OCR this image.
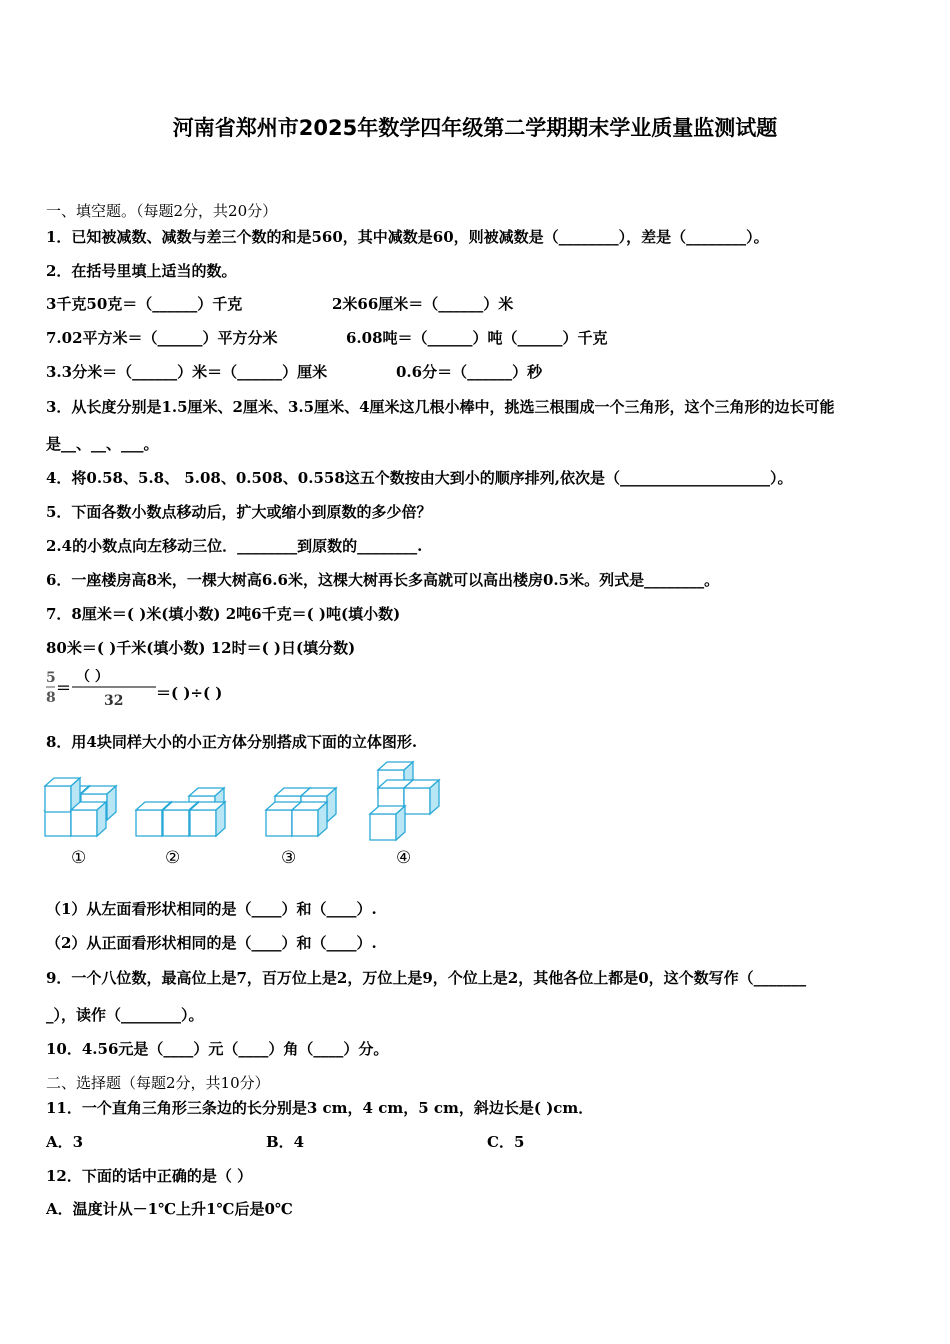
河南省郑州市2025年数学四年级第二学期期末学业质量监测试题
一、填空题。（每题2分，共20分）
1．已知被减数、减数与差三个数的和是560，其中减数是60，则被减数是（________），差是（________）。
2．在括号里填上适当的数。
3千克50克＝（______）千克	2米66厘米＝（______）米
7.02平方米＝（______）平方分米	6.08吨＝（______）吨（______）千克
3.3分米＝（______）米＝（______）厘米	0.6分＝（______）秒
3．从长度分别是1.5厘米、2厘米、3.5厘米、4厘米这几根小棒中，挑选三根围成一个三角形，这个三角形的边长可能
是__、__、___。
4．将0.58、5.8、 5.08、0.508、0.558这五个数按由大到小的顺序排列,依次是（____________________）。
5．下面各数小数点移动后，扩大或缩小到原数的多少倍？
2.4的小数点向左移动三位．________到原数的________.
6．一座楼房高8米，一棵大树高6.6米，这棵大树再长多高就可以高出楼房0.5米。列式是________。
7．8厘米＝( )米(填小数) 2吨6千克＝( )吨(填小数)
80米＝( )千米(填小数) 12时＝( )日(填分数)
5
8
＝
（ ）
32 ＝( )÷( )
8．用4块同样大小的小正方体分别搭成下面的立体图形.
①	②	③	④
（1）从左面看形状相同的是（____）和（____）.
（2）从正面看形状相同的是（____）和（____）.
9．一个八位数，最高位上是7，百万位上是2，万位上是9，个位上是2，其他各位上都是0，这个数写作（_______
_），读作（________）。
10．4.56元是（____）元（____）角（____）分。
二、选择题（每题2分，共10分）
11．一个直角三角形三条边的长分别是3 cm，4 cm，5 cm，斜边长是( )cm．
A．3	B．4	C．5
12．下面的话中正确的是（ ）
A．温度计从－1℃上升1℃后是0℃
